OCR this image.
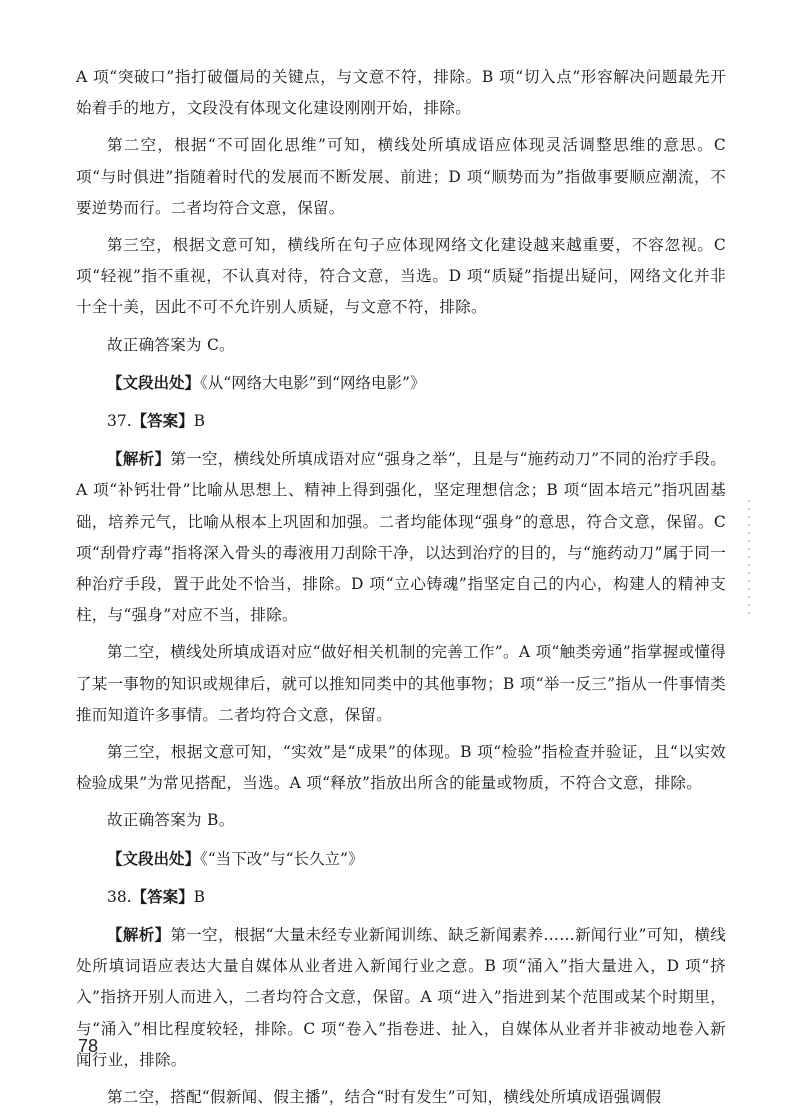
A 项“突破口”指打破僵局的关键点，与文意不符，排除。B 项“切入点”形容解决问题最先开始着手的地方，文段没有体现文化建设刚刚开始，排除。

第二空，根据“不可固化思维”可知，横线处所填成语应体现灵活调整思维的意思。C 项“与时俱进”指随着时代的发展而不断发展、前进；D 项“顺势而为”指做事要顺应潮流，不要逆势而行。二者均符合文意，保留。

第三空，根据文意可知，横线所在句子应体现网络文化建设越来越重要，不容忽视。C 项“轻视”指不重视，不认真对待，符合文意，当选。D 项“质疑”指提出疑问，网络文化并非十全十美，因此不可不允许别人质疑，与文意不符，排除。

故正确答案为 C。

【文段出处】《从“网络大电影”到“网络电影”》

37.【答案】B

【解析】第一空，横线处所填成语对应“强身之举”，且是与“施药动刀”不同的治疗手段。A 项“补钙壮骨”比喻从思想上、精神上得到强化，坚定理想信念；B 项“固本培元”指巩固基础，培养元气，比喻从根本上巩固和加强。二者均能体现“强身”的意思，符合文意，保留。C 项“刮骨疗毒”指将深入骨头的毒液用刀刮除干净，以达到治疗的目的，与“施药动刀”属于同一种治疗手段，置于此处不恰当，排除。D 项“立心铸魂”指坚定自己的内心，构建人的精神支柱，与“强身”对应不当，排除。

第二空，横线处所填成语对应“做好相关机制的完善工作”。A 项“触类旁通”指掌握或懂得了某一事物的知识或规律后，就可以推知同类中的其他事物；B 项“举一反三”指从一件事情类推而知道许多事情。二者均符合文意，保留。

第三空，根据文意可知，“实效”是“成果”的体现。B 项“检验”指检查并验证，且“以实效检验成果”为常见搭配，当选。A 项“释放”指放出所含的能量或物质，不符合文意，排除。

故正确答案为 B。

【文段出处】《“当下改”与“长久立”》

38.【答案】B

【解析】第一空，根据“大量未经专业新闻训练、缺乏新闻素养……新闻行业”可知，横线处所填词语应表达大量自媒体从业者进入新闻行业之意。B 项“涌入”指大量进入，D 项“挤入”指挤开别人而进入，二者均符合文意，保留。A 项“进入”指进到某个范围或某个时期里，与“涌入”相比程度较轻，排除。C 项“卷入”指卷进、扯入，自媒体从业者并非被动地卷入新闻行业，排除。

第二空，搭配“假新闻、假主播”，结合“时有发生”可知，横线处所填成语强调假

78
